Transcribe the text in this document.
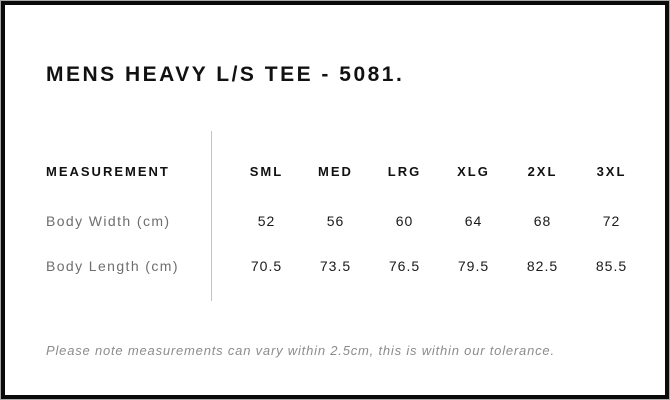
MENS HEAVY L/S TEE - 5081.
MEASUREMENT	SML	MED	LRG	XLG	2XL	3XL
Body Width (cm)	52	56	60	64	68	72
Body Length (cm)	70.5	73.5	76.5	79.5	82.5	85.5
Please note measurements can vary within 2.5cm, this is within our tolerance.
